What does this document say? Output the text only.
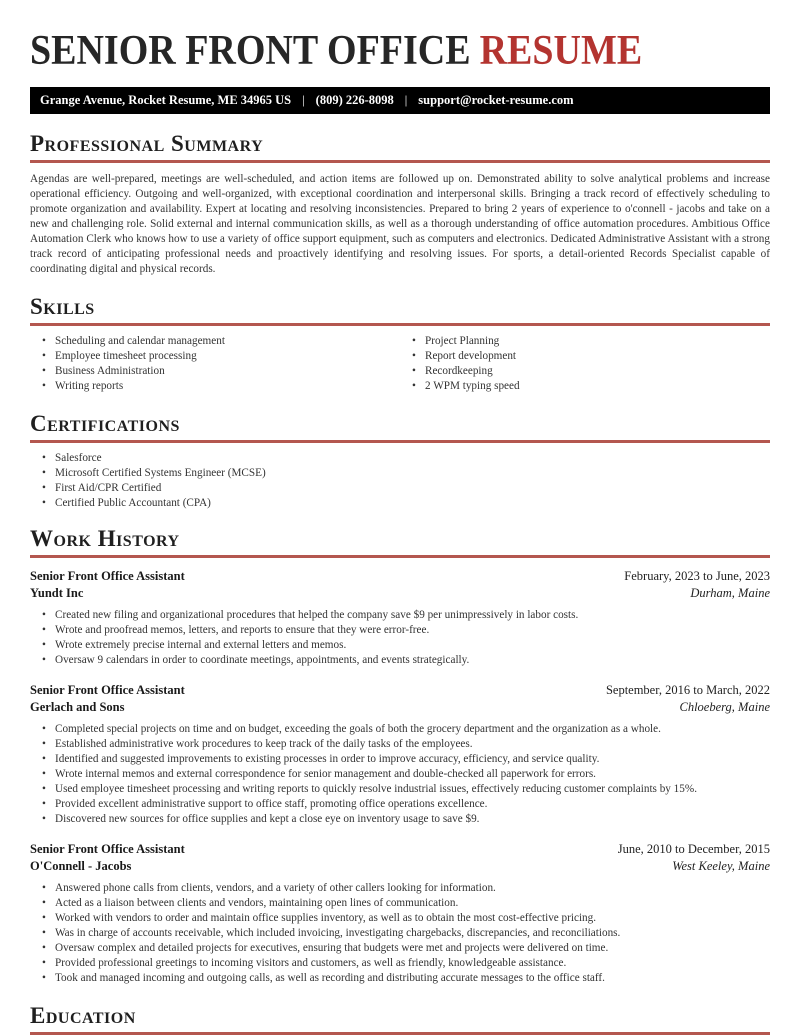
SENIOR FRONT OFFICE RESUME
Grange Avenue, Rocket Resume, ME 34965 US | (809) 226-8098 | support@rocket-resume.com
Professional Summary

Agendas are well-prepared, meetings are well-scheduled, and action items are followed up on. Demonstrated ability to solve analytical problems and increase operational efficiency. Outgoing and well-organized, with exceptional coordination and interpersonal skills. Bringing a track record of effectively scheduling to promote organization and availability. Expert at locating and resolving inconsistencies. Prepared to bring 2 years of experience to o'connell - jacobs and take on a new and challenging role. Solid external and internal communication skills, as well as a thorough understanding of office automation procedures. Ambitious Office Automation Clerk who knows how to use a variety of office support equipment, such as computers and electronics. Dedicated Administrative Assistant with a strong track record of anticipating professional needs and proactively identifying and resolving issues. For sports, a detail-oriented Records Specialist capable of coordinating digital and physical records.

Skills
• Scheduling and calendar management
• Employee timesheet processing
• Business Administration
• Writing reports
• Project Planning
• Report development
• Recordkeeping
• 2 WPM typing speed
Certifications
• Salesforce
• Microsoft Certified Systems Engineer (MCSE)
• First Aid/CPR Certified
• Certified Public Accountant (CPA)
Work History
Senior Front Office Assistant	February, 2023 to June, 2023
Yundt Inc	Durham, Maine
• Created new filing and organizational procedures that helped the company save $9 per unimpressively in labor costs.
• Wrote and proofread memos, letters, and reports to ensure that they were error-free.
• Wrote extremely precise internal and external letters and memos.
• Oversaw 9 calendars in order to coordinate meetings, appointments, and events strategically.
Senior Front Office Assistant	September, 2016 to March, 2022
Gerlach and Sons	Chloeberg, Maine
• Completed special projects on time and on budget, exceeding the goals of both the grocery department and the organization as a whole.
• Established administrative work procedures to keep track of the daily tasks of the employees.
• Identified and suggested improvements to existing processes in order to improve accuracy, efficiency, and service quality.
• Wrote internal memos and external correspondence for senior management and double-checked all paperwork for errors.
• Used employee timesheet processing and writing reports to quickly resolve industrial issues, effectively reducing customer complaints by 15%.
• Provided excellent administrative support to office staff, promoting office operations excellence.
• Discovered new sources for office supplies and kept a close eye on inventory usage to save $9.
Senior Front Office Assistant	June, 2010 to December, 2015
O'Connell - Jacobs	West Keeley, Maine
• Answered phone calls from clients, vendors, and a variety of other callers looking for information.
• Acted as a liaison between clients and vendors, maintaining open lines of communication.
• Worked with vendors to order and maintain office supplies inventory, as well as to obtain the most cost-effective pricing.
• Was in charge of accounts receivable, which included invoicing, investigating chargebacks, discrepancies, and reconciliations.
• Oversaw complex and detailed projects for executives, ensuring that budgets were met and projects were delivered on time.
• Provided professional greetings to incoming visitors and customers, as well as friendly, knowledgeable assistance.
• Took and managed incoming and outgoing calls, as well as recording and distributing accurate messages to the office staff.
Education
